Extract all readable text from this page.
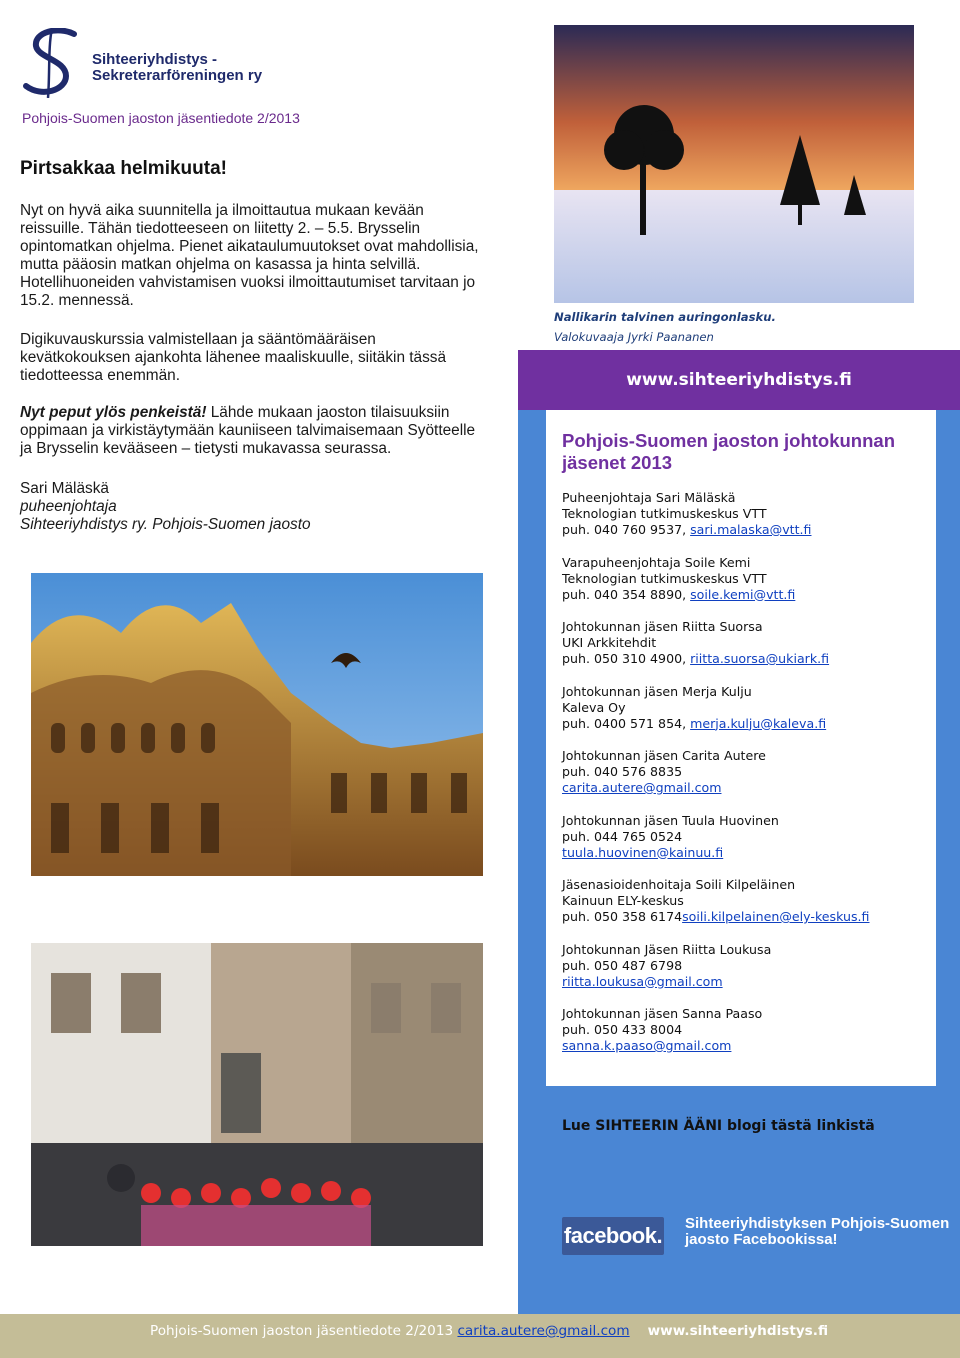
Sihteeriyhdistys -
Sekreterarföreningen ry
Pohjois-Suomen jaoston jäsentiedote 2/2013
Pirtsakkaa helmikuuta!
Nyt on hyvä aika suunnitella ja ilmoittautua mukaan kevään reissuille. Tähän tiedotteeseen on liitetty 2. – 5.5. Brysselin opintomatkan ohjelma. Pienet aikataulumuutokset ovat mahdollisia, mutta pääosin matkan ohjelma on kasassa ja hinta selvillä. Hotellihuoneiden vahvistamisen vuoksi ilmoittautumiset tarvitaan jo 15.2. mennessä.
Digikuvauskurssia valmistellaan ja sääntömääräisen kevätkokouksen ajankohta lähenee maaliskuulle, siitäkin tässä tiedotteessa enemmän.
Nyt peput ylös penkeistä! Lähde mukaan jaoston tilaisuuksiin oppimaan ja virkistäytymään kauniiseen talvimaisemaan Syötteelle ja Brysselin kevääseen – tietysti mukavassa seurassa.
Sari Mäläskä
puheenjohtaja
Sihteeriyhdistys ry. Pohjois-Suomen jaosto
Nallikarin talvinen auringonlasku.
Valokuvaaja Jyrki Paananen
www.sihteeriyhdistys.fi
Pohjois-Suomen jaoston johtokunnan jäsenet 2013
Puheenjohtaja Sari Mäläskä
Teknologian tutkimuskeskus VTT
puh. 040 760 9537, sari.malaska@vtt.fi
Varapuheenjohtaja Soile Kemi
Teknologian tutkimuskeskus VTT
puh. 040 354 8890, soile.kemi@vtt.fi
Johtokunnan jäsen Riitta Suorsa
UKI Arkkitehdit
puh. 050 310 4900, riitta.suorsa@ukiark.fi
Johtokunnan jäsen Merja Kulju
Kaleva Oy
puh. 0400 571 854, merja.kulju@kaleva.fi
Johtokunnan jäsen Carita Autere
puh. 040 576 8835
carita.autere@gmail.com
Johtokunnan jäsen Tuula Huovinen
puh. 044 765 0524
tuula.huovinen@kainuu.fi
Jäsenasioidenhoitaja Soili Kilpeläinen
Kainuun ELY-keskus
puh. 050 358 6174soili.kilpelainen@ely-keskus.fi
Johtokunnan Jäsen Riitta Loukusa
puh. 050 487 6798
riitta.loukusa@gmail.com
Johtokunnan jäsen Sanna Paaso
puh. 050 433 8004
sanna.k.paaso@gmail.com
Lue SIHTEERIN ÄÄNI blogi tästä linkistä
facebook. Sihteeriyhdistyksen Pohjois-Suomen jaosto Facebookissa!
Pohjois-Suomen jaoston jäsentiedote 2/2013 carita.autere@gmail.com www.sihteeriyhdistys.fi
